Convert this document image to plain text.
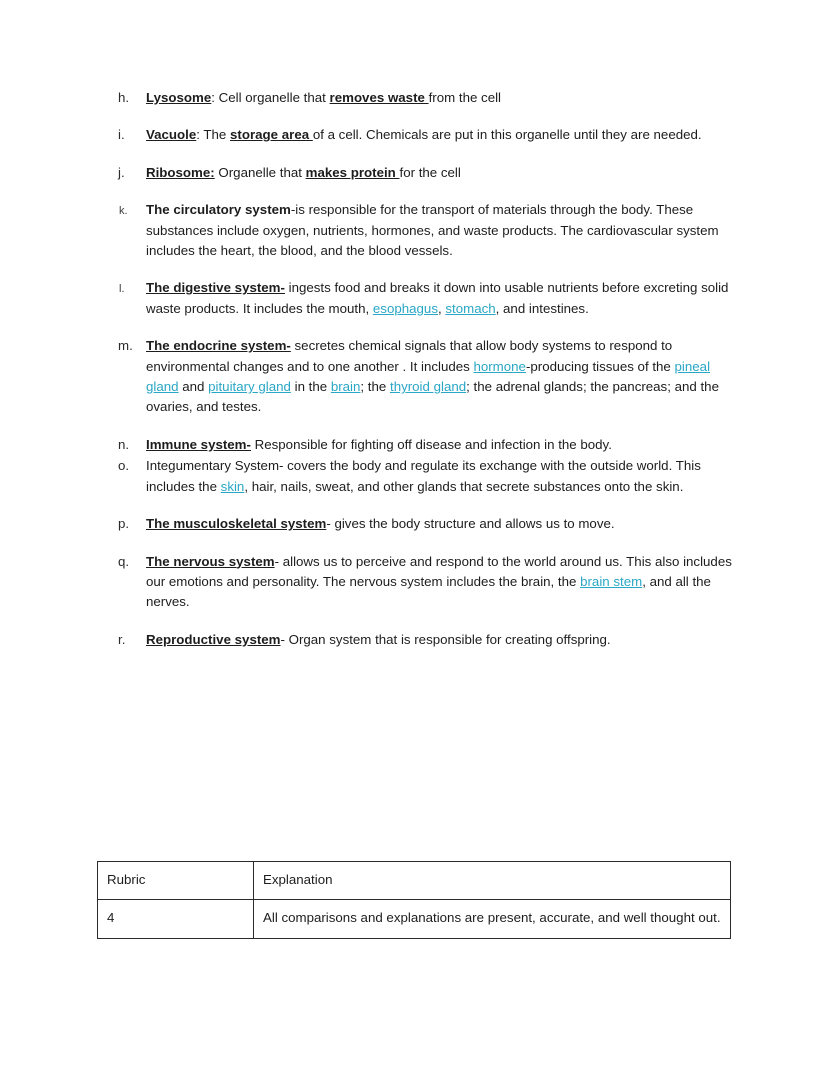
h. Lysosome: Cell organelle that removes waste from the cell
i. Vacuole: The storage area of a cell. Chemicals are put in this organelle until they are needed.
j. Ribosome: Organelle that makes protein for the cell
k. The circulatory system-is responsible for the transport of materials through the body. These substances include oxygen, nutrients, hormones, and waste products. The cardiovascular system includes the heart, the blood, and the blood vessels.
l. The digestive system- ingests food and breaks it down into usable nutrients before excreting solid waste products. It includes the mouth, esophagus, stomach, and intestines.
m. The endocrine system- secretes chemical signals that allow body systems to respond to environmental changes and to one another . It includes hormone-producing tissues of the pineal gland and pituitary gland in the brain; the thyroid gland; the adrenal glands; the pancreas; and the ovaries, and testes.
n. Immune system- Responsible for fighting off disease and infection in the body.
o. Integumentary System- covers the body and regulate its exchange with the outside world. This includes the skin, hair, nails, sweat, and other glands that secrete substances onto the skin.
p. The musculoskeletal system- gives the body structure and allows us to move.
q. The nervous system- allows us to perceive and respond to the world around us. This also includes our emotions and personality. The nervous system includes the brain, the brain stem, and all the nerves.
r. Reproductive system- Organ system that is responsible for creating offspring.
Rubric	Explanation
4	All comparisons and explanations are present, accurate, and well thought out.
